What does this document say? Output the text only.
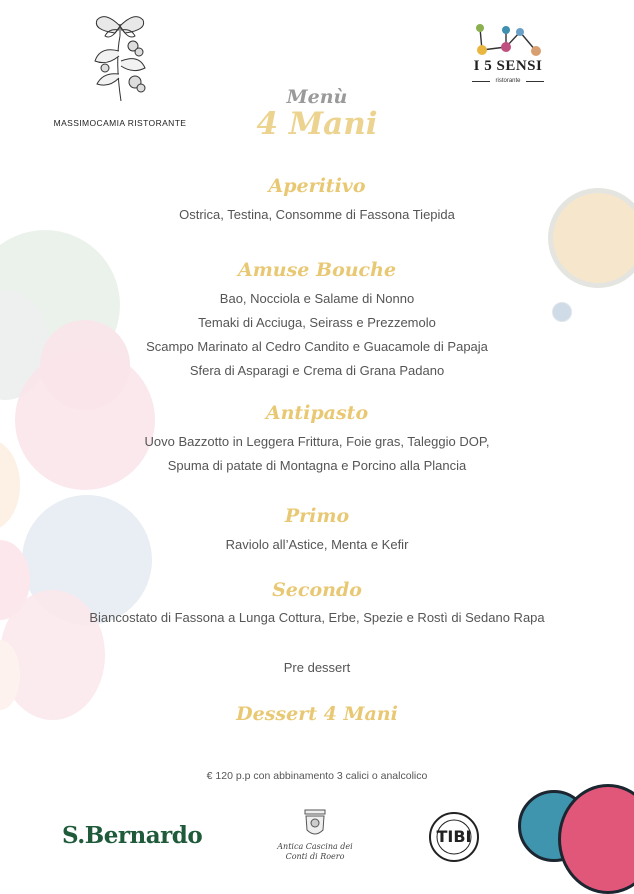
MASSIMOCAMIA RISTORANTE
I 5 SENSI
ristorante
Menù
4 Mani
Aperitivo
Ostrica, Testina, Consomme di Fassona Tiepida
Amuse Bouche
Bao, Nocciola e Salame di Nonno
Temaki di Acciuga, Seirass e Prezzemolo
Scampo Marinato al Cedro Candito e Guacamole di Papaja
Sfera di Asparagi e Crema di Grana Padano
Antipasto
Uovo Bazzotto in Leggera Frittura, Foie gras, Taleggio DOP,
Spuma di patate di Montagna e Porcino alla Plancia
Primo
Raviolo all’Astice, Menta e Kefir
Secondo
Biancostato di Fassona a Lunga Cottura, Erbe, Spezie e Rostì di Sedano Rapa
Pre dessert
Dessert 4 Mani
€ 120 p.p con abbinamento 3 calici o analcolico
S.Bernardo	Antica Cascina dei Conti di Roero
TIBI
